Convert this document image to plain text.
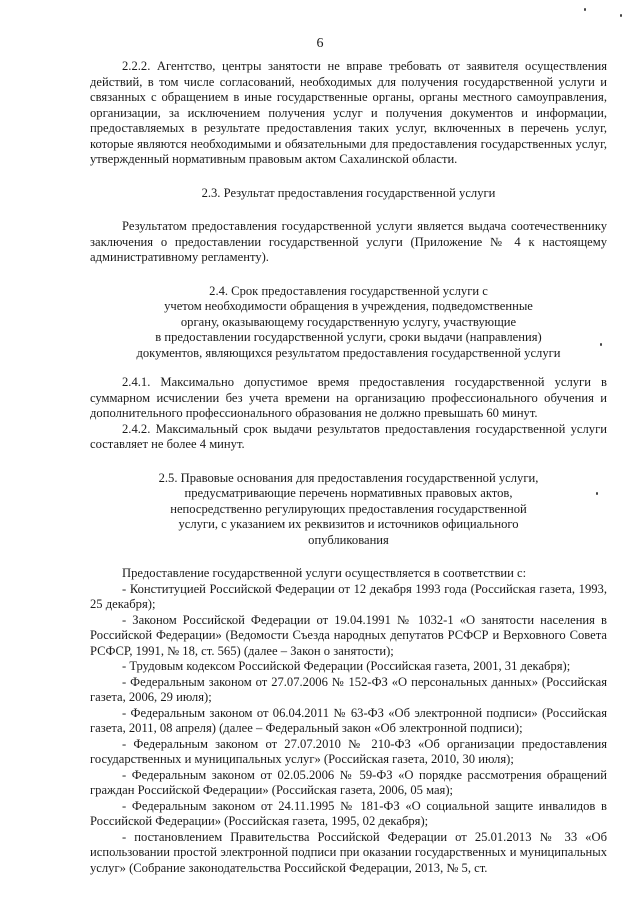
6

2.2.2. Агентство, центры занятости не вправе требовать от заявителя осуществления действий, в том числе согласований, необходимых для получения государственной услуги и связанных с обращением в иные государственные органы, органы местного самоуправления, организации, за исключением получения услуг и получения документов и информации, предоставляемых в результате предоставления таких услуг, включенных в перечень услуг, которые являются необходимыми и обязательными для предоставления государственных услуг, утвержденный нормативным правовым актом Сахалинской области.

2.3. Результат предоставления государственной услуги

Результатом предоставления государственной услуги является выдача соотечественнику заключения о предоставлении государственной услуги (Приложение № 4 к настоящему административному регламенту).

2.4. Срок предоставления государственной услуги с

учетом необходимости обращения в учреждения, подведомственные

органу, оказывающему государственную услугу, участвующие

в предоставлении государственной услуги, сроки выдачи (направления)

документов, являющихся результатом предоставления государственной услуги

2.4.1. Максимально допустимое время предоставления государственной услуги в суммарном исчислении без учета времени на организацию профессионального обучения и дополнительного профессионального образования не должно превышать 60 минут.

2.4.2. Максимальный срок выдачи результатов предоставления государственной услуги составляет не более 4 минут.

2.5. Правовые основания для предоставления государственной услуги,

предусматривающие перечень нормативных правовых актов,

непосредственно регулирующих предоставления государственной

услуги, с указанием их реквизитов и источников официального

опубликования

Предоставление государственной услуги осуществляется в соответствии с:

- Конституцией Российской Федерации от 12 декабря 1993 года (Российская газета, 1993, 25 декабря);
- Законом Российской Федерации от 19.04.1991 № 1032-1 «О занятости населения в Российской Федерации» (Ведомости Съезда народных депутатов РСФСР и Верховного Совета РСФСР, 1991, № 18, ст. 565) (далее – Закон о занятости);
- Трудовым кодексом Российской Федерации (Российская газета, 2001, 31 декабря);
- Федеральным законом от 27.07.2006 № 152-ФЗ «О персональных данных» (Российская газета, 2006, 29 июля);
- Федеральным законом от 06.04.2011 № 63-ФЗ «Об электронной подписи» (Российская газета, 2011, 08 апреля) (далее – Федеральный закон «Об электронной подписи);
- Федеральным законом от 27.07.2010 № 210-ФЗ «Об организации предоставления государственных и муниципальных услуг» (Российская газета, 2010, 30 июля);
- Федеральным законом от 02.05.2006 № 59-ФЗ «О порядке рассмотрения обращений граждан Российской Федерации» (Российская газета, 2006, 05 мая);
- Федеральным законом от 24.11.1995 № 181-ФЗ «О социальной защите инвалидов в Российской Федерации» (Российская газета, 1995, 02 декабря);
- постановлением Правительства Российской Федерации от 25.01.2013 № 33 «Об использовании простой электронной подписи при оказании государственных и муниципальных услуг» (Собрание законодательства Российской Федерации, 2013, № 5, ст.
